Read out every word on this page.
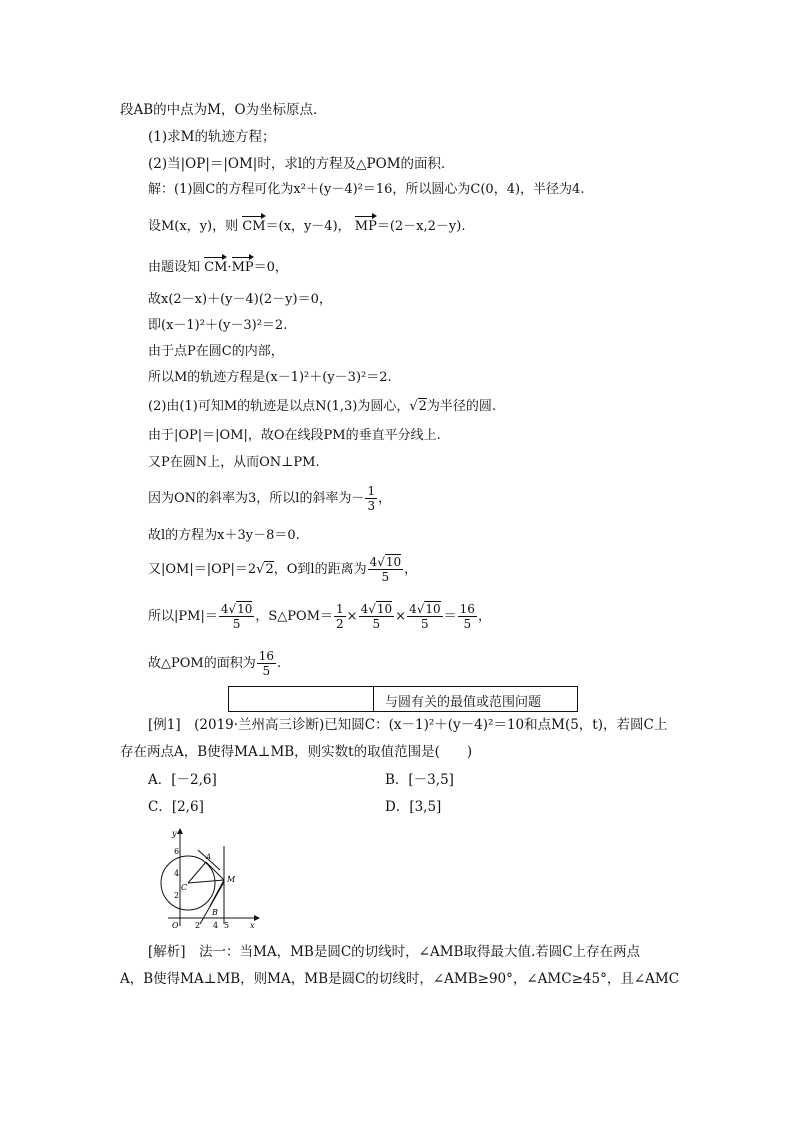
段AB的中点为M，O为坐标原点．
(1)求M的轨迹方程；
(2)当|OP|＝|OM|时，求l的方程及△POM的面积．
解：(1)圆C的方程可化为x²＋(y－4)²＝16，所以圆心为C(0，4)，半径为4.
设M(x，y)，则 CM＝(x，y－4)， MP＝(2－x,2－y).
由题设知 CM·MP＝0，
故x(2－x)＋(y－4)(2－y)＝0，
即(x－1)²＋(y－3)²＝2.
由于点P在圆C的内部，
所以M的轨迹方程是(x－1)²＋(y－3)²＝2.
(2)由(1)可知M的轨迹是以点N(1,3)为圆心，√2为半径的圆.
由于|OP|＝|OM|，故O在线段PM的垂直平分线上.
又P在圆N上，从而ON⊥PM.
因为ON的斜率为3，所以l的斜率为－ $\frac{1}{3}$ ，
故l的方程为x＋3y－8＝0.
又|OM|＝|OP|＝2√2，O到l的距离为 $\frac{4√10}{5}$ ，
所以$|PM|= \frac{4√10}{5}$ ，S△POM＝ $\frac{1}{2} \times \frac{4√10}{5} \times \frac{4√10}{5} = \frac{16}{5}$ ，
故△POM的面积为 $\frac{16}{5}$ .
与圆有关的最值或范围问题
[例1]　(2019·兰州高三诊断)已知圆C：(x－1)²＋(y－4)²＝10和点M(5，t)，若圆C上
存在两点A，B使得MA⊥MB，则实数t的取值范围是(　　)
A．[－2,6]	B．[－3,5]
C．[2,6]	D．[3,5]
y
x
O
6
4
2
2 4 5
A
B
C
M
[解析]　法一：当MA，MB是圆C的切线时，∠AMB取得最大值.若圆C上存在两点
A，B使得MA⊥MB，则MA，MB是圆C的切线时，∠AMB≥90°，∠AMC≥45°，且∠AMC
